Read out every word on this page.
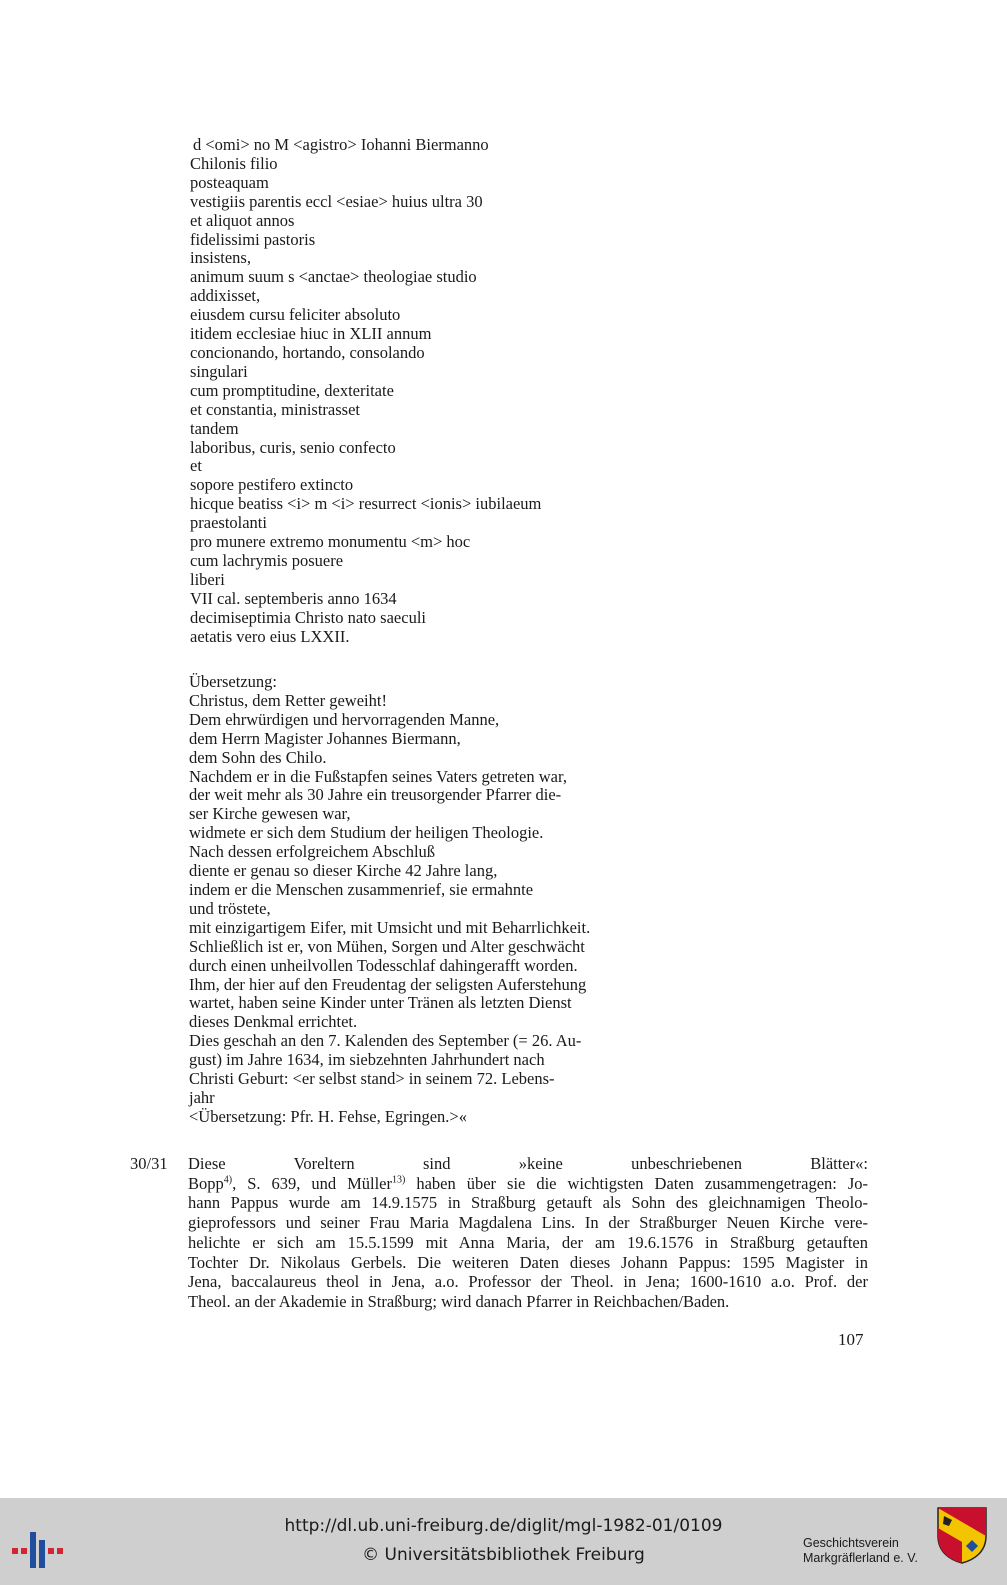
d <omi> no M <agistro> Iohanni Biermanno
Chilonis filio
posteaquam
vestigiis parentis eccl <esiae> huius ultra 30
et aliquot annos
fidelissimi pastoris
insistens,
animum suum s <anctae> theologiae studio
addixisset,
eiusdem cursu feliciter absoluto
itidem ecclesiae hiuc in XLII annum
concionando, hortando, consolando
singulari
cum promptitudine, dexteritate
et constantia, ministrasset
tandem
laboribus, curis, senio confecto
et
sopore pestifero extincto
hicque beatiss <i> m <i> resurrect <ionis> iubilaeum
praestolanti
pro munere extremo monumentu <m> hoc
cum lachrymis posuere
liberi
VII cal. septemberis anno 1634
decimiseptimia Christo nato saeculi
aetatis vero eius LXXII.
Übersetzung:
Christus, dem Retter geweiht!
Dem ehrwürdigen und hervorragenden Manne,
dem Herrn Magister Johannes Biermann,
dem Sohn des Chilo.
Nachdem er in die Fußstapfen seines Vaters getreten war,
der weit mehr als 30 Jahre ein treusorgender Pfarrer die-
ser Kirche gewesen war,
widmete er sich dem Studium der heiligen Theologie.
Nach dessen erfolgreichem Abschluß
diente er genau so dieser Kirche 42 Jahre lang,
indem er die Menschen zusammenrief, sie ermahnte
und tröstete,
mit einzigartigem Eifer, mit Umsicht und mit Beharrlichkeit.
Schließlich ist er, von Mühen, Sorgen und Alter geschwächt
durch einen unheilvollen Todesschlaf dahingerafft worden.
Ihm, der hier auf den Freudentag der seligsten Auferstehung
wartet, haben seine Kinder unter Tränen als letzten Dienst
dieses Denkmal errichtet.
Dies geschah an den 7. Kalenden des September (= 26. Au-
gust) im Jahre 1634, im siebzehnten Jahrhundert nach
Christi Geburt: <er selbst stand> in seinem 72. Lebens-
jahr
<Übersetzung: Pfr. H. Fehse, Egringen.>«
30/31 Diese Voreltern sind »keine unbeschriebenen Blätter«:
Bopp$^{4)}$, S. 639, und Müller$^{13)}$ haben über sie die wichtigsten Daten zusammengetragen: Jo-
hann Pappus wurde am 14.9.1575 in Straßburg getauft als Sohn des gleichnamigen Theolo-
gieprofessors und seiner Frau Maria Magdalena Lins. In der Straßburger Neuen Kirche vere-
helichte er sich am 15.5.1599 mit Anna Maria, der am 19.6.1576 in Straßburg getauften
Tochter Dr. Nikolaus Gerbels. Die weiteren Daten dieses Johann Pappus: 1595 Magister in
Jena, baccalaureus theol in Jena, a.o. Professor der Theol. in Jena; 1600-1610 a.o. Prof. der
Theol. an der Akademie in Straßburg; wird danach Pfarrer in Reichbachen/Baden.
107
http://dl.ub.uni-freiburg.de/diglit/mgl-1982-01/0109
© Universitätsbibliothek Freiburg
Geschichtsverein
Markgräflerland e. V.
